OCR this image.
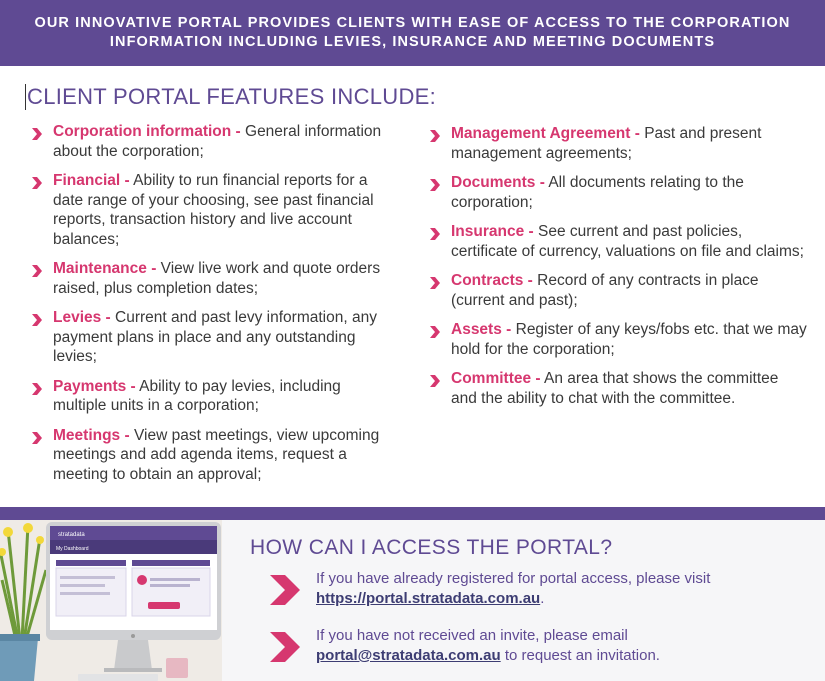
OUR INNOVATIVE PORTAL PROVIDES CLIENTS WITH EASE OF ACCESS TO THE CORPORATION
INFORMATION INCLUDING LEVIES, INSURANCE AND MEETING DOCUMENTS
CLIENT PORTAL FEATURES INCLUDE:
Corporation information - General information about the corporation;
Financial - Ability to run financial reports for a date range of your choosing, see past financial reports, transaction history and live account balances;
Maintenance - View live work and quote orders raised, plus completion dates;
Levies - Current and past levy information, any payment plans in place and any outstanding levies;
Payments - Ability to pay levies, including multiple units in a corporation;
Meetings - View past meetings, view upcoming meetings and add agenda items, request a meeting to obtain an approval;
Management Agreement - Past and present management agreements;
Documents - All documents relating to the corporation;
Insurance - See current and past policies, certificate of currency, valuations on file and claims;
Contracts - Record of any contracts in place (current and past);
Assets - Register of any keys/fobs etc. that we may hold for the corporation;
Committee - An area that shows the committee and the ability to chat with the committee.
stratadata
My Dashboard	HOW CAN I ACCESS THE PORTAL?
If you have already registered for portal access, please visit https://portal.stratadata.com.au.
If you have not received an invite, please email portal@stratadata.com.au to request an invitation.
